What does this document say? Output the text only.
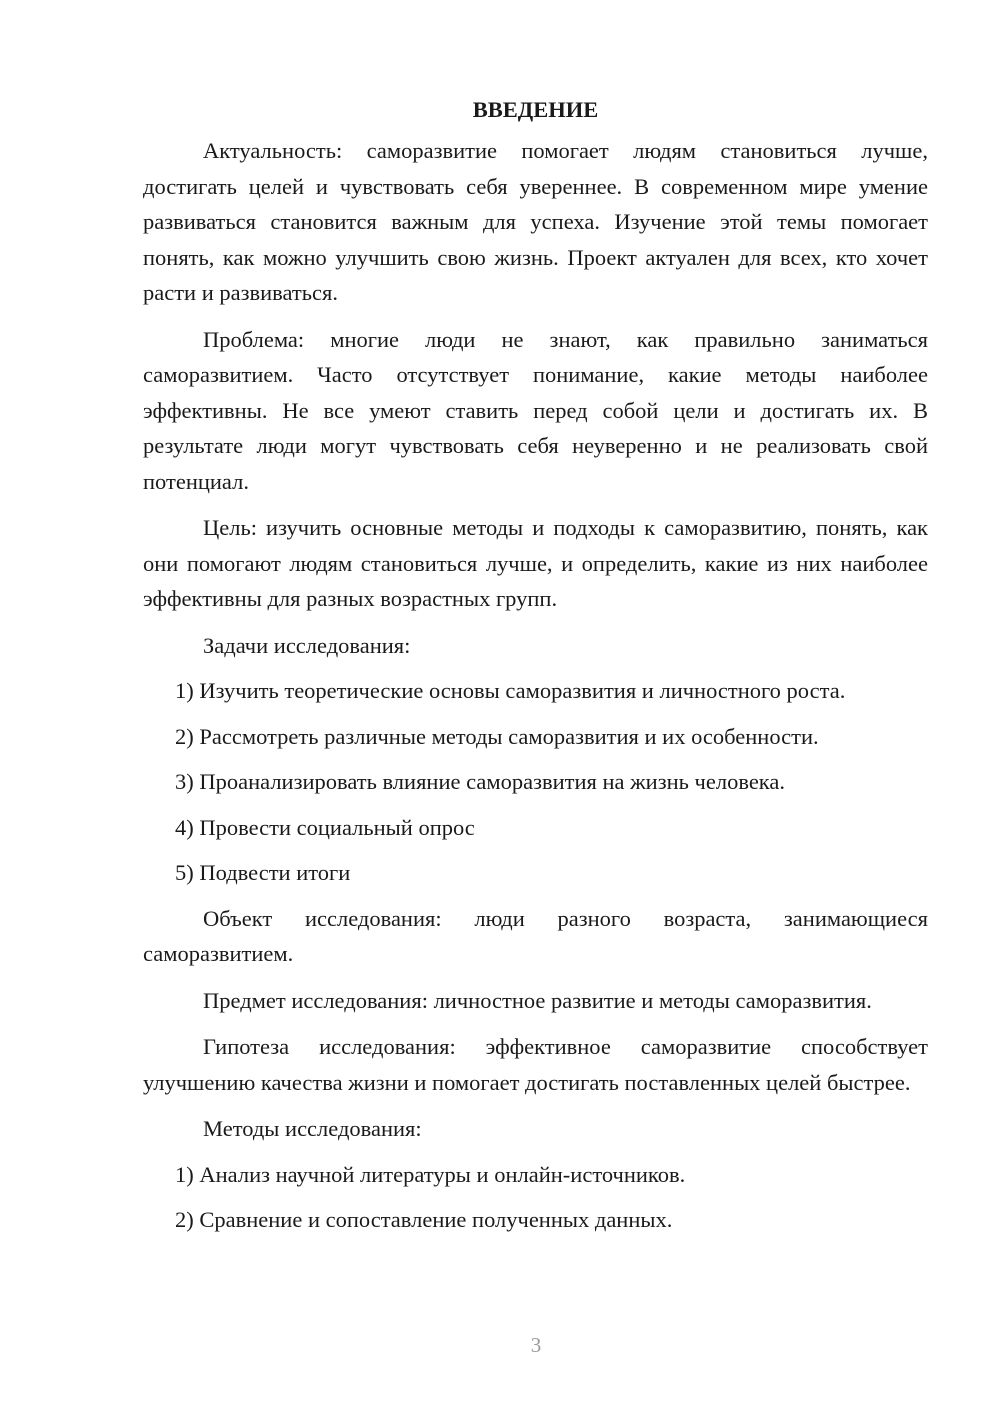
ВВЕДЕНИЕ

Актуальность: саморазвитие помогает людям становиться лучше, достигать целей и чувствовать себя увереннее. В современном мире умение развиваться становится важным для успеха. Изучение этой темы помогает понять, как можно улучшить свою жизнь. Проект актуален для всех, кто хочет расти и развиваться.

Проблема: многие люди не знают, как правильно заниматься саморазвитием. Часто отсутствует понимание, какие методы наиболее эффективны. Не все умеют ставить перед собой цели и достигать их. В результате люди могут чувствовать себя неуверенно и не реализовать свой потенциал.

Цель: изучить основные методы и подходы к саморазвитию, понять, как они помогают людям становиться лучше, и определить, какие из них наиболее эффективны для разных возрастных групп.

Задачи исследования:

1) Изучить теоретические основы саморазвития и личностного роста.

2) Рассмотреть различные методы саморазвития и их особенности.

3) Проанализировать влияние саморазвития на жизнь человека.

4) Провести социальный опрос

5) Подвести итоги

Объект исследования: люди разного возраста, занимающиеся саморазвитием.

Предмет исследования: личностное развитие и методы саморазвития.

Гипотеза исследования: эффективное саморазвитие способствует улучшению качества жизни и помогает достигать поставленных целей быстрее.

Методы исследования:

1) Анализ научной литературы и онлайн-источников.

2) Сравнение и сопоставление полученных данных.

3
